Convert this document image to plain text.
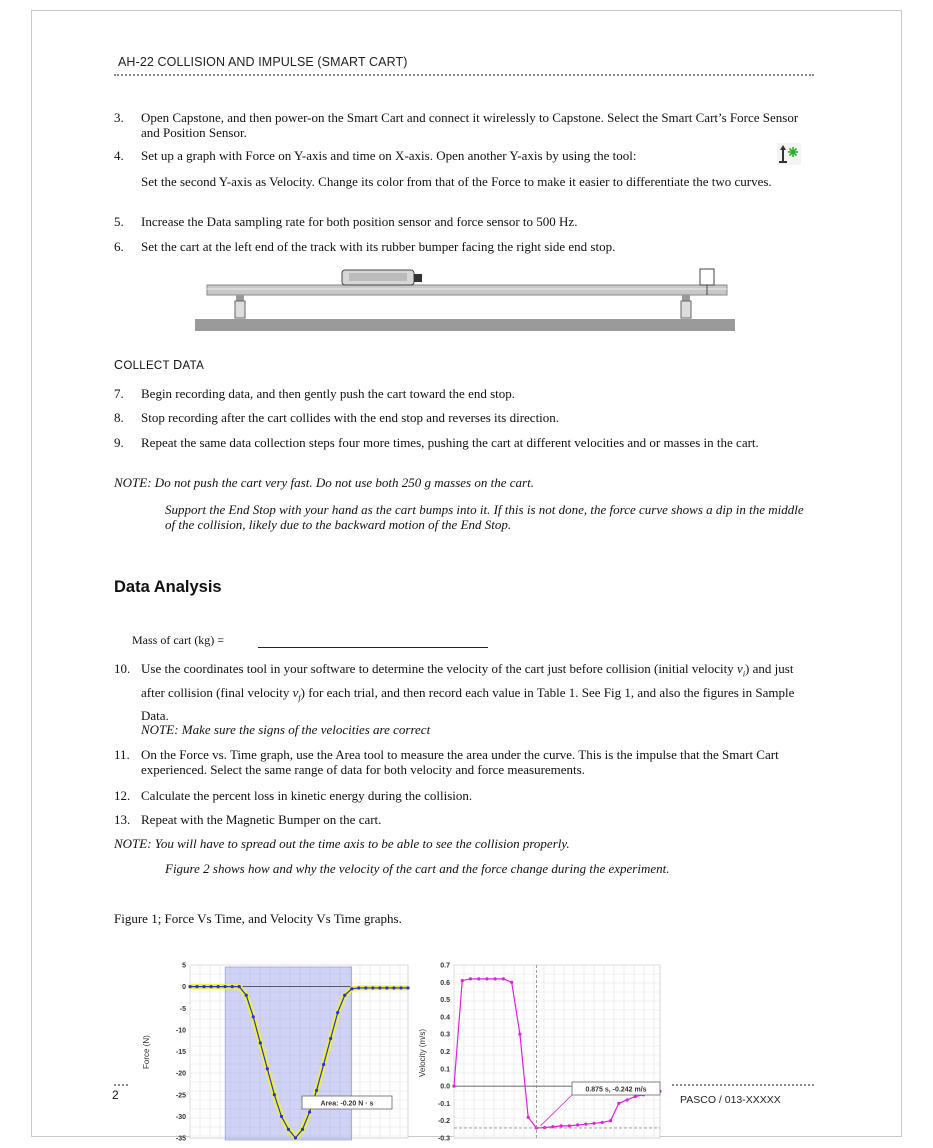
AH-22 COLLISION AND IMPULSE (SMART CART)
3. Open Capstone, and then power-on the Smart Cart and connect it wirelessly to Capstone. Select the Smart Cart’s Force Sensor and Position Sensor.
4. Set up a graph with Force on Y-axis and time on X-axis. Open another Y-axis by using the tool:
Set the second Y-axis as Velocity. Change its color from that of the Force to make it easier to differentiate the two curves.
5. Increase the Data sampling rate for both position sensor and force sensor to 500 Hz.
6. Set the cart at the left end of the track with its rubber bumper facing the right side end stop.
COLLECT DATA
7. Begin recording data, and then gently push the cart toward the end stop.
8. Stop recording after the cart collides with the end stop and reverses its direction.
9. Repeat the same data collection steps four more times, pushing the cart at different velocities and or masses in the cart.
NOTE: Do not push the cart very fast. Do not use both 250 g masses on the cart.
Support the End Stop with your hand as the cart bumps into it. If this is not done, the force curve shows a dip in the middle of the collision, likely due to the backward motion of the End Stop.
Data Analysis
Mass of cart (kg) =
10. Use the coordinates tool in your software to determine the velocity of the cart just before collision (initial velocity $v_i$) and just after collision (final velocity $v_f$) for each trial, and then record each value in Table 1. See Fig 1, and also the figures in Sample Data.
NOTE: Make sure the signs of the velocities are correct
11. On the Force vs. Time graph, use the Area tool to measure the area under the curve. This is the impulse that the Smart Cart experienced. Select the same range of data for both velocity and force measurements.
12. Calculate the percent loss in kinetic energy during the collision.
13. Repeat with the Magnetic Bumper on the cart.
NOTE: You will have to spread out the time axis to be able to see the collision properly.
Figure 2 shows how and why the velocity of the cart and the force change during the experiment.
Figure 1; Force Vs Time, and Velocity Vs Time graphs.
Force (N)
5
0
-5
-10
-15
-20
-25
-30
-35
Area: -0.20 N · s
Velocity (m/s)
0.7
0.6
0.5
0.4
0.3
0.2
0.1
0.0
-0.1
-0.2
-0.3
0.875 s, -0.242 m/s
2	PASCO / 013-XXXXX
